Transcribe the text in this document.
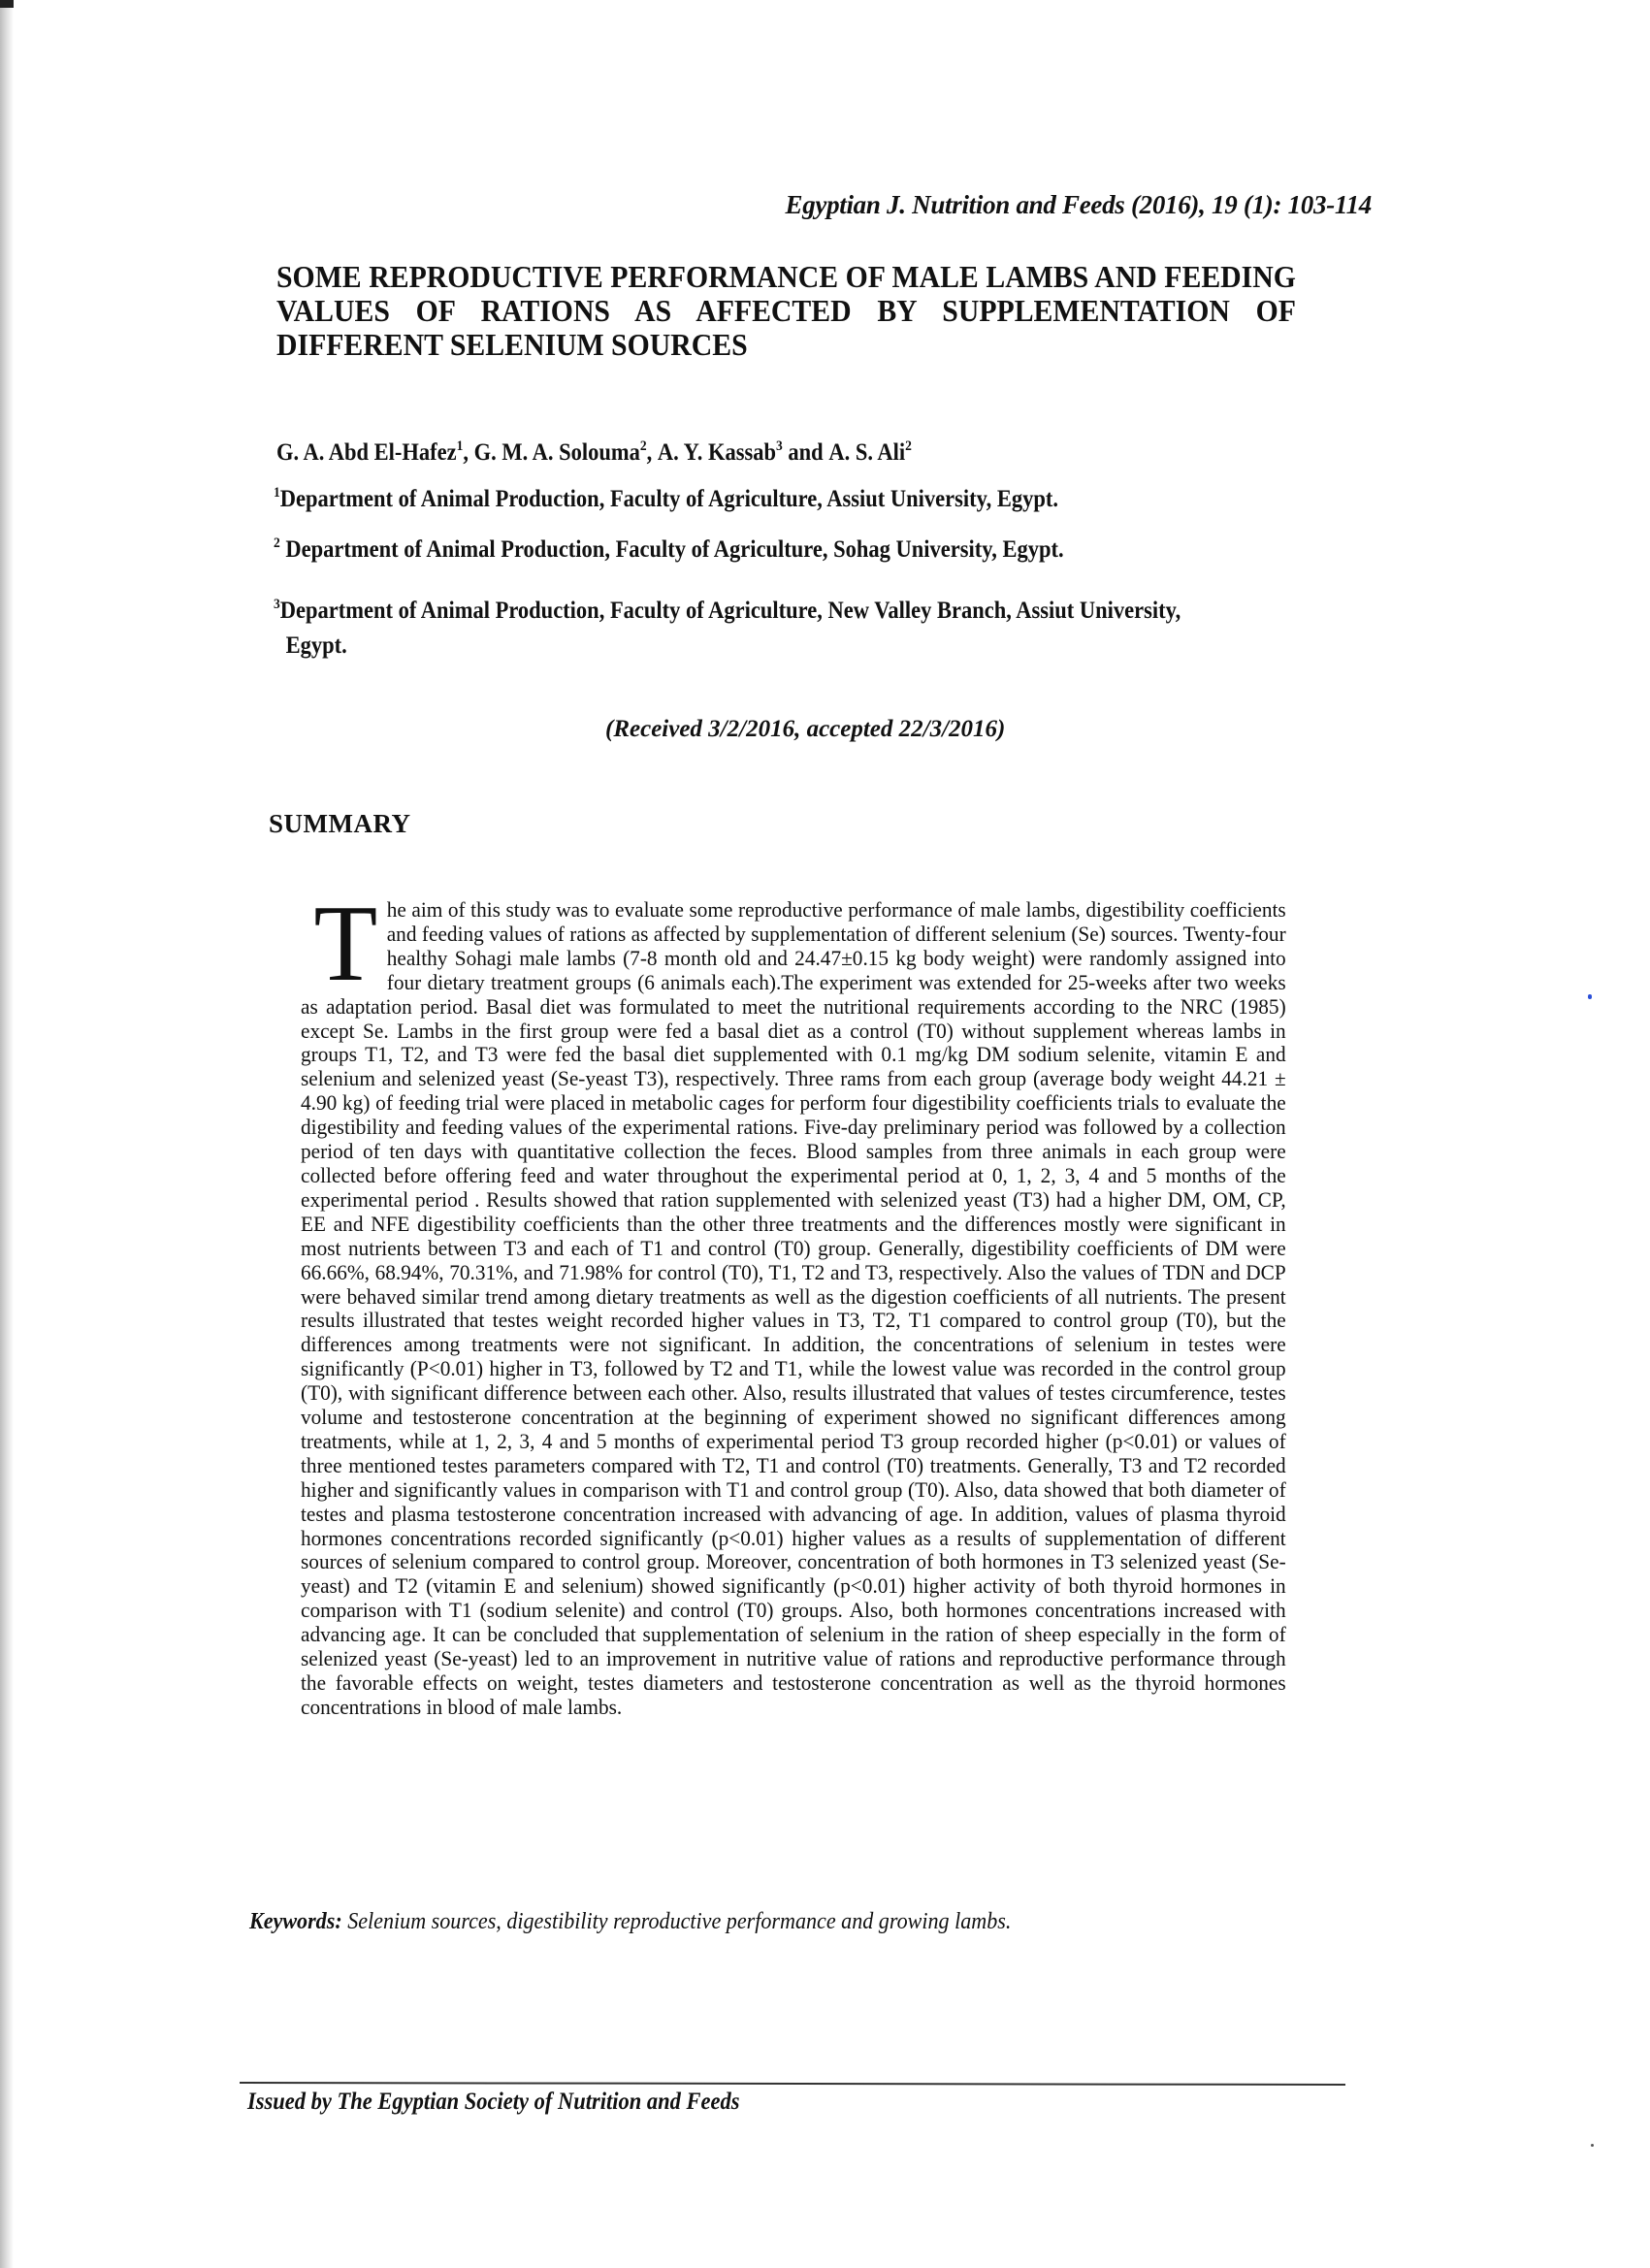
Egyptian J. Nutrition and Feeds (2016), 19 (1): 103-114
SOME REPRODUCTIVE PERFORMANCE OF MALE LAMBS AND FEEDING
VALUES OF RATIONS AS AFFECTED BY SUPPLEMENTATION OF
DIFFERENT SELENIUM SOURCES
G. A. Abd El-Hafez$^1$, G. M. A. Solouma$^2$, A. Y. Kassab$^3$ and A. S. Ali$^2$
$^1$Department of Animal Production, Faculty of Agriculture, Assiut University, Egypt.
$^2$ Department of Animal Production, Faculty of Agriculture, Sohag University, Egypt.
$^3$Department of Animal Production, Faculty of Agriculture, New Valley Branch, Assiut University,
Egypt.
(Received 3/2/2016, accepted 22/3/2016)
SUMMARY
The aim of this study was to evaluate some reproductive performance of male lambs, digestibility coefficients and feeding values of rations as affected by supplementation of different selenium (Se) sources. Twenty-four healthy Sohagi male lambs (7-8 month old and 24.47±0.15 kg body weight) were randomly assigned into four dietary treatment groups (6 animals each).The experiment was extended for 25-weeks after two weeks as adaptation period. Basal diet was formulated to meet the nutritional requirements according to the NRC (1985) except Se. Lambs in the first group were fed a basal diet as a control (T0) without supplement whereas lambs in groups T1, T2, and T3 were fed the basal diet supplemented with 0.1 mg/kg DM sodium selenite, vitamin E and selenium and selenized yeast (Se-yeast T3), respectively. Three rams from each group (average body weight 44.21 ± 4.90 kg) of feeding trial were placed in metabolic cages for perform four digestibility coefficients trials to evaluate the digestibility and feeding values of the experimental rations. Five-day preliminary period was followed by a collection period of ten days with quantitative collection the feces. Blood samples from three animals in each group were collected before offering feed and water throughout the experimental period at 0, 1, 2, 3, 4 and 5 months of the experimental period . Results showed that ration supplemented with selenized yeast (T3) had a higher DM, OM, CP, EE and NFE digestibility coefficients than the other three treatments and the differences mostly were significant in most nutrients between T3 and each of T1 and control (T0) group. Generally, digestibility coefficients of DM were 66.66%, 68.94%, 70.31%, and 71.98% for control (T0), T1, T2 and T3, respectively. Also the values of TDN and DCP were behaved similar trend among dietary treatments as well as the digestion coefficients of all nutrients. The present results illustrated that testes weight recorded higher values in T3, T2, T1 compared to control group (T0), but the differences among treatments were not significant. In addition, the concentrations of selenium in testes were significantly (P<0.01) higher in T3, followed by T2 and T1, while the lowest value was recorded in the control group (T0), with significant difference between each other. Also, results illustrated that values of testes circumference, testes volume and testosterone concentration at the beginning of experiment showed no significant differences among treatments, while at 1, 2, 3, 4 and 5 months of experimental period T3 group recorded higher (p<0.01) or values of three mentioned testes parameters compared with T2, T1 and control (T0) treatments. Generally, T3 and T2 recorded higher and significantly values in comparison with T1 and control group (T0). Also, data showed that both diameter of testes and plasma testosterone concentration increased with advancing of age. In addition, values of plasma thyroid hormones concentrations recorded significantly (p<0.01) higher values as a results of supplementation of different sources of selenium compared to control group. Moreover, concentration of both hormones in T3 selenized yeast (Se-yeast) and T2 (vitamin E and selenium) showed significantly (p<0.01) higher activity of both thyroid hormones in comparison with T1 (sodium selenite) and control (T0) groups. Also, both hormones concentrations increased with advancing age. It can be concluded that supplementation of selenium in the ration of sheep especially in the form of selenized yeast (Se-yeast) led to an improvement in nutritive value of rations and reproductive performance through the favorable effects on weight, testes diameters and testosterone concentration as well as the thyroid hormones concentrations in blood of male lambs.
Keywords: Selenium sources, digestibility reproductive performance and growing lambs.
Issued by The Egyptian Society of Nutrition and Feeds
